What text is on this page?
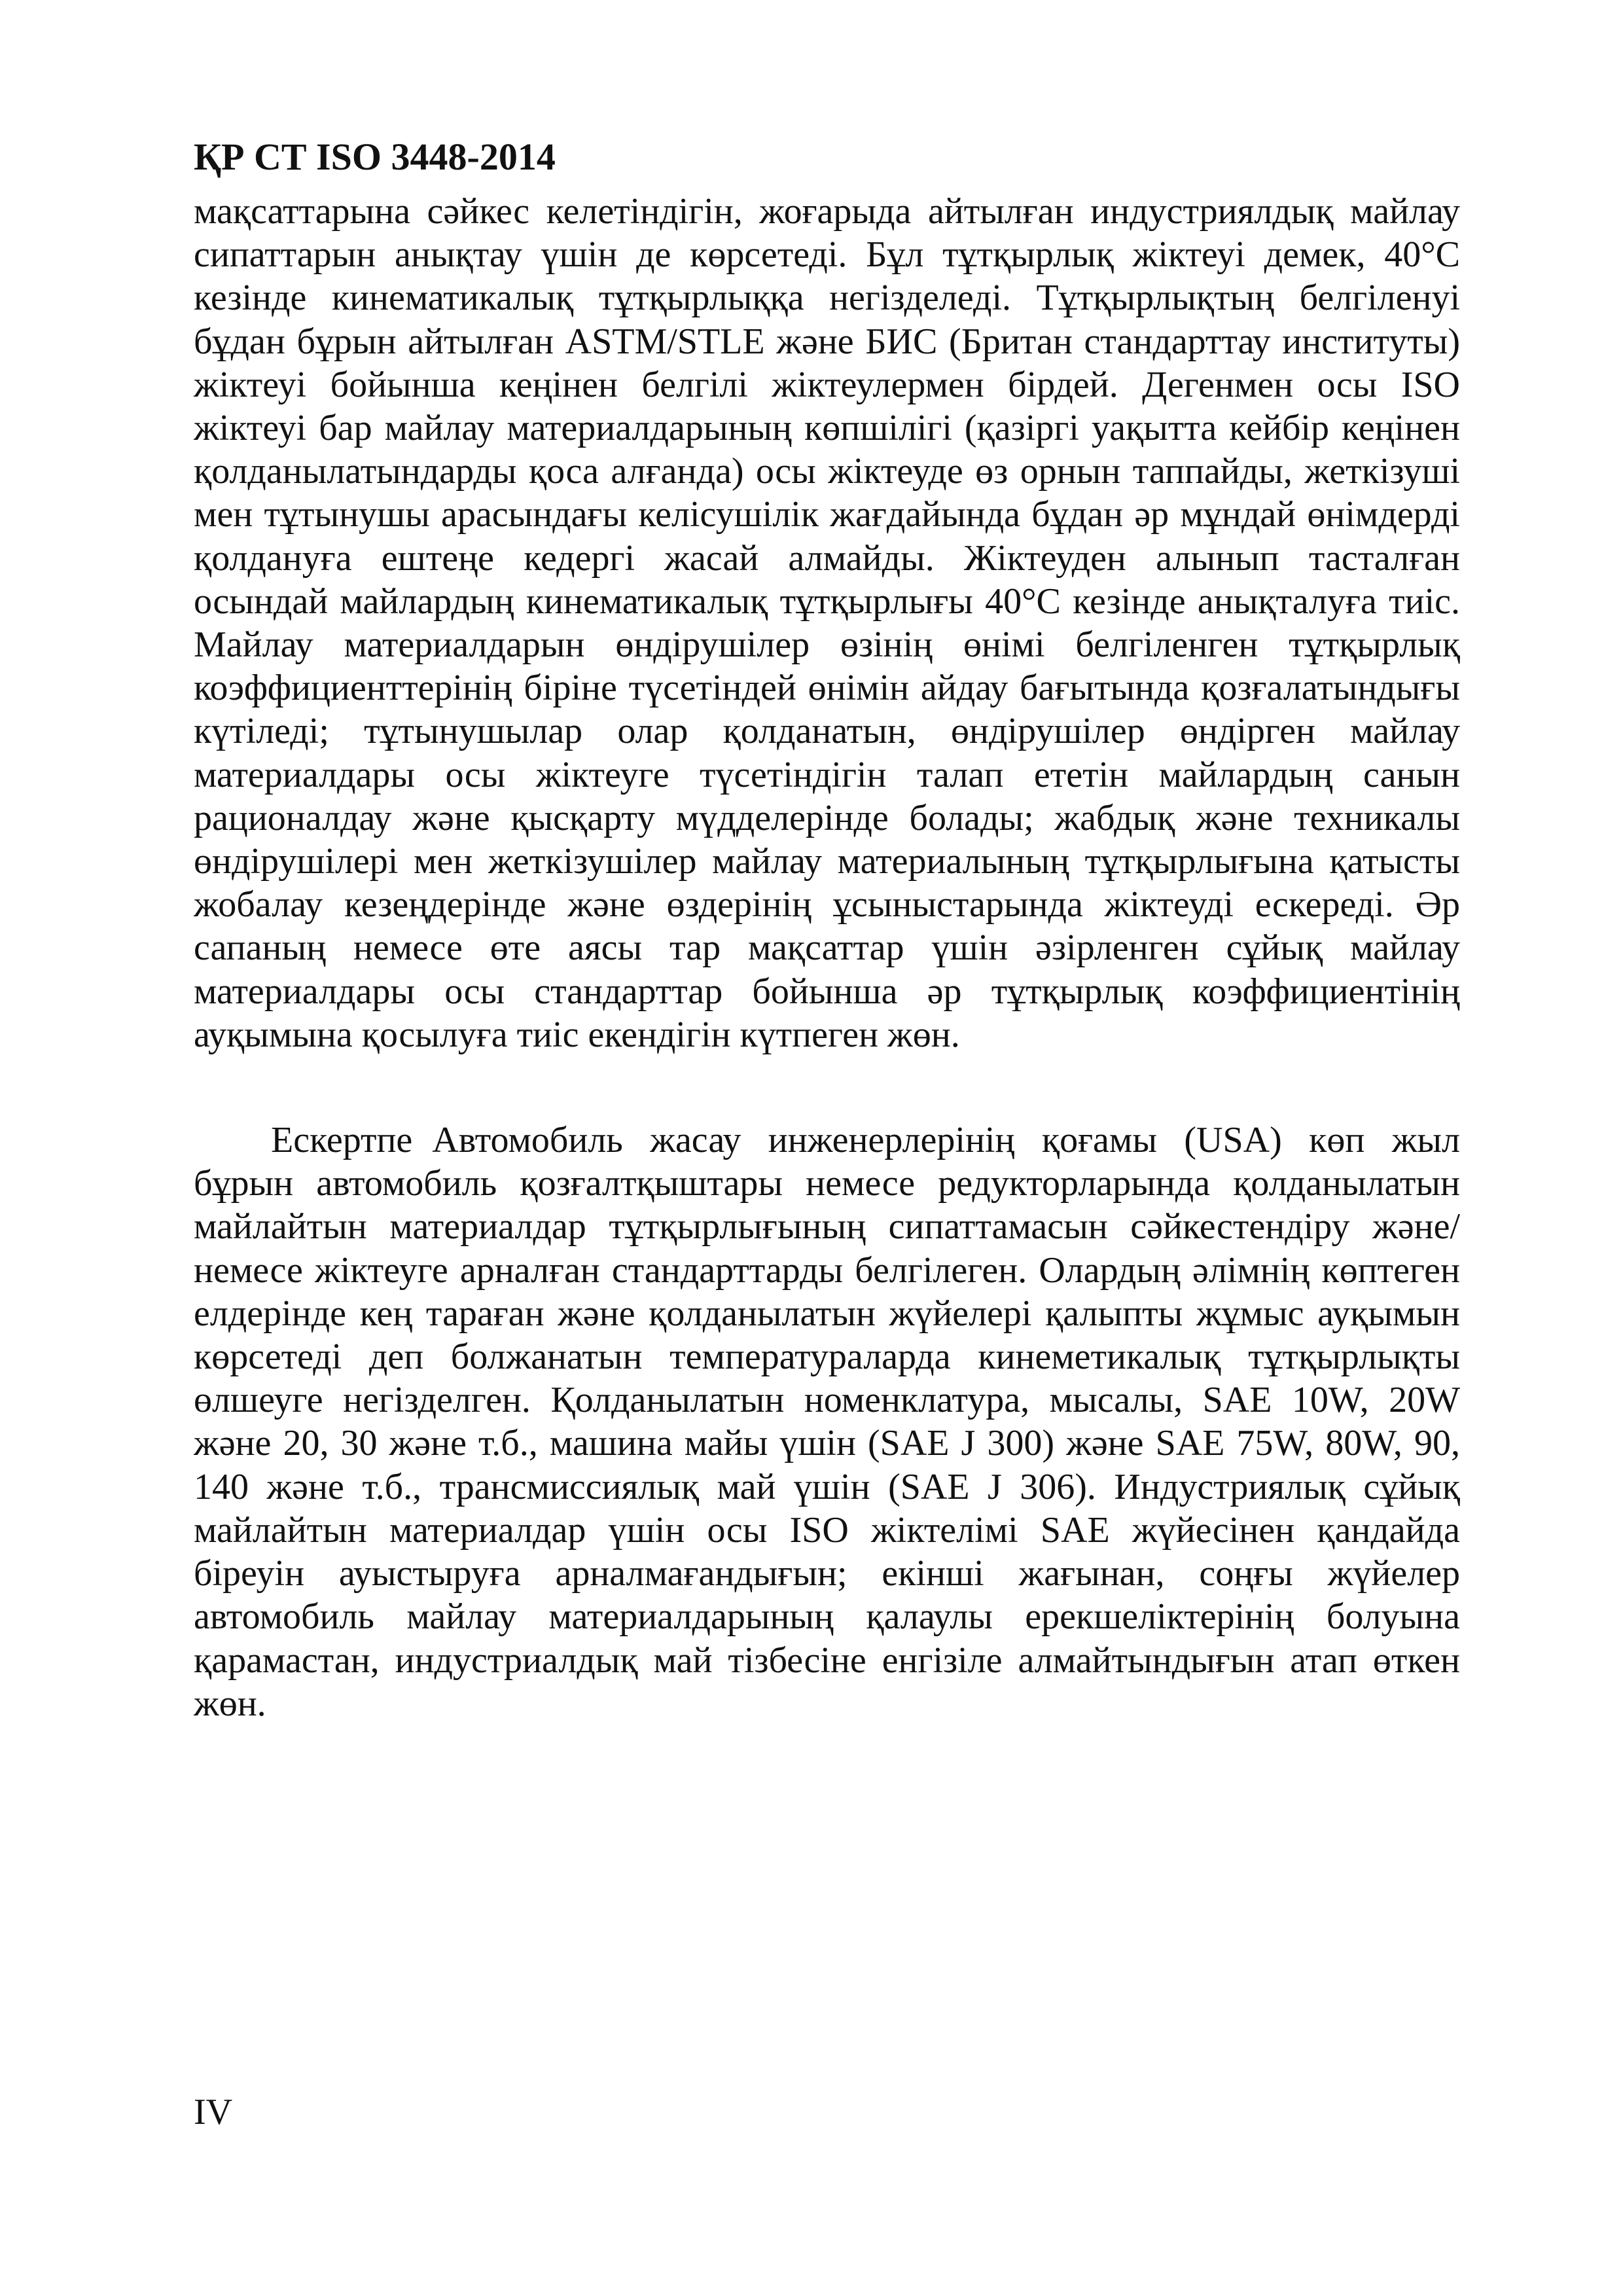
ҚР СТ ISO 3448-2014

мақсаттарына сәйкес келетіндігін, жоғарыда айтылған индустриялдық майлау сипаттарын анықтау үшін де көрсетеді. Бұл тұтқырлық жіктеуі демек, 40°С кезінде кинематикалық тұтқырлыққа негізделеді. Тұтқырлықтың белгіленуі бұдан бұрын айтылған ASTM/STLE және БИС (Британ стандарттау институты) жіктеуі бойынша кеңінен белгілі жіктеулермен бірдей. Дегенмен осы ISO жіктеуі бар майлау материалдарының көпшілігі (қазіргі уақытта кейбір кеңінен қолданылатындарды қоса алғанда) осы жіктеуде өз орнын таппайды, жеткізуші мен тұтынушы арасындағы келісушілік жағдайында бұдан әр мұндай өнімдерді қолдануға ештеңе кедергі жасай алмайды. Жіктеуден алынып тасталған осындай майлардың кинематикалық тұтқырлығы 40°С кезінде анықталуға тиіс. Майлау материалдарын өндірушілер өзінің өнімі белгіленген тұтқырлық коэффициенттерінің біріне түсетіндей өнімін айдау бағытында қозғалатындығы күтіледі; тұтынушылар олар қолданатын, өндірушілер өндірген майлау материалдары осы жіктеуге түсетіндігін талап ететін майлардың санын рационалдау және қысқарту мүдделерінде болады; жабдық және техникалы өндірушілері мен жеткізушілер майлау материалының тұтқырлығына қатысты жобалау кезеңдерінде және өздерінің ұсыныстарында жіктеуді ескереді. Әр сапаның немесе өте аясы тар мақсаттар үшін әзірленген сұйық майлау материалдары осы стандарттар бойынша әр тұтқырлық коэффициентінің ауқымына қосылуға тиіс екендігін күтпеген жөн.

Ескертпе Автомобиль жасау инженерлерінің қоғамы (USA) көп жыл бұрын автомобиль қозғалтқыштары немесе редукторларында қолданылатын майлайтын материалдар тұтқырлығының сипаттамасын сәйкестендіру және/немесе жіктеуге арналған стандарттарды белгілеген. Олардың әлімнің көптеген елдерінде кең тараған және қолданылатын жүйелері қалыпты жұмыс ауқымын көрсетеді деп болжанатын температураларда кинеметикалық тұтқырлықты өлшеуге негізделген. Қолданылатын номенклатура, мысалы, SAE 10W, 20W және 20, 30 және т.б., машина майы үшін (SAE J 300) және SAE 75W, 80W, 90, 140 және т.б., трансмиссиялық май үшін (SAE J 306). Индустриялық сұйық майлайтын материалдар үшін осы ISO жіктелімі SAE жүйесінен қандайда біреуін ауыстыруға арналмағандығын; екінші жағынан, соңғы жүйелер автомобиль майлау материалдарының қалаулы ерекшеліктерінің болуына қарамастан, индустриалдық май тізбесіне енгізіле алмайтындығын атап өткен жөн.

IV
